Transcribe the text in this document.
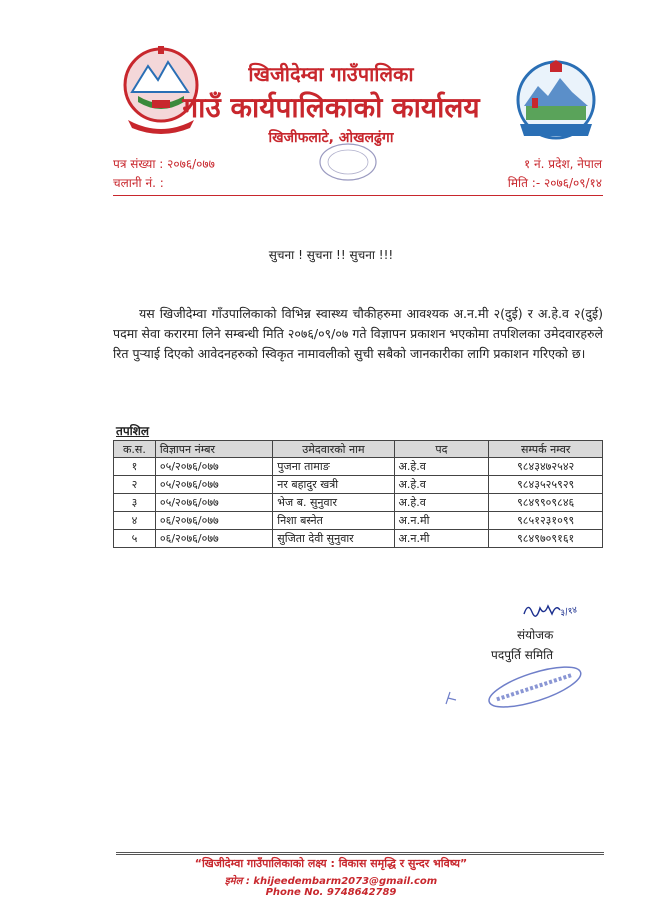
खिजीदेम्वा गाउँपालिका
गाउँ कार्यपालिकाको कार्यालय
खिजीफलाटे, ओखलढुंगा
पत्र संख्या : २०७६/०७७
चलानी नं. :
१ नं. प्रदेश, नेपाल
मिति :- २०७६/०९/१४
सुचना ! सुचना !! सुचना !!!
यस खिजीदेम्वा गाँउपालिकाको विभिन्न स्वास्थ्य चौकीहरुमा आवश्यक अ.न.मी २(दुई) र अ.हे.व २(दुई) पदमा सेवा करारमा लिने सम्बन्धी मिति २०७६/०९/०७ गते विज्ञापन प्रकाशन भएकोमा तपशिलका उमेदवारहरुले रित पुर्‍याई दिएको आवेदनहरुको स्विकृत नामावलीको सुची सबैको जानकारीका लागि प्रकाशन गरिएको छ।
तपशिल
क.स.	विज्ञापन नंम्बर	उमेदवारको नाम	पद	सम्पर्क नम्वर
१	०५/२०७६/०७७	पुजना तामाङ	अ.हे.व	९८४३४७२५४२
२	०५/२०७६/०७७	नर बहादुर खत्री	अ.हे.व	९८४३५२५९२९
३	०५/२०७६/०७७	भेज ब. सुनुवार	अ.हे.व	९८४९९०९८४६
४	०६/२०७६/०७७	निशा बस्नेत	अ.न.मी	९८५१२३१०९९
५	०६/२०७६/०७७	सुजिता देवी सुनुवार	अ.न.मी	९८४९७०९१६१
३/१४
संयोजक
पदपुर्ति समिति
“खिजीदेम्वा गाउँपालिकाको लक्ष्य : विकास समृद्धि र सुन्दर भविष्य”
इमेल : khijeedembarm2073@gmail.com
Phone No. 9748642789
